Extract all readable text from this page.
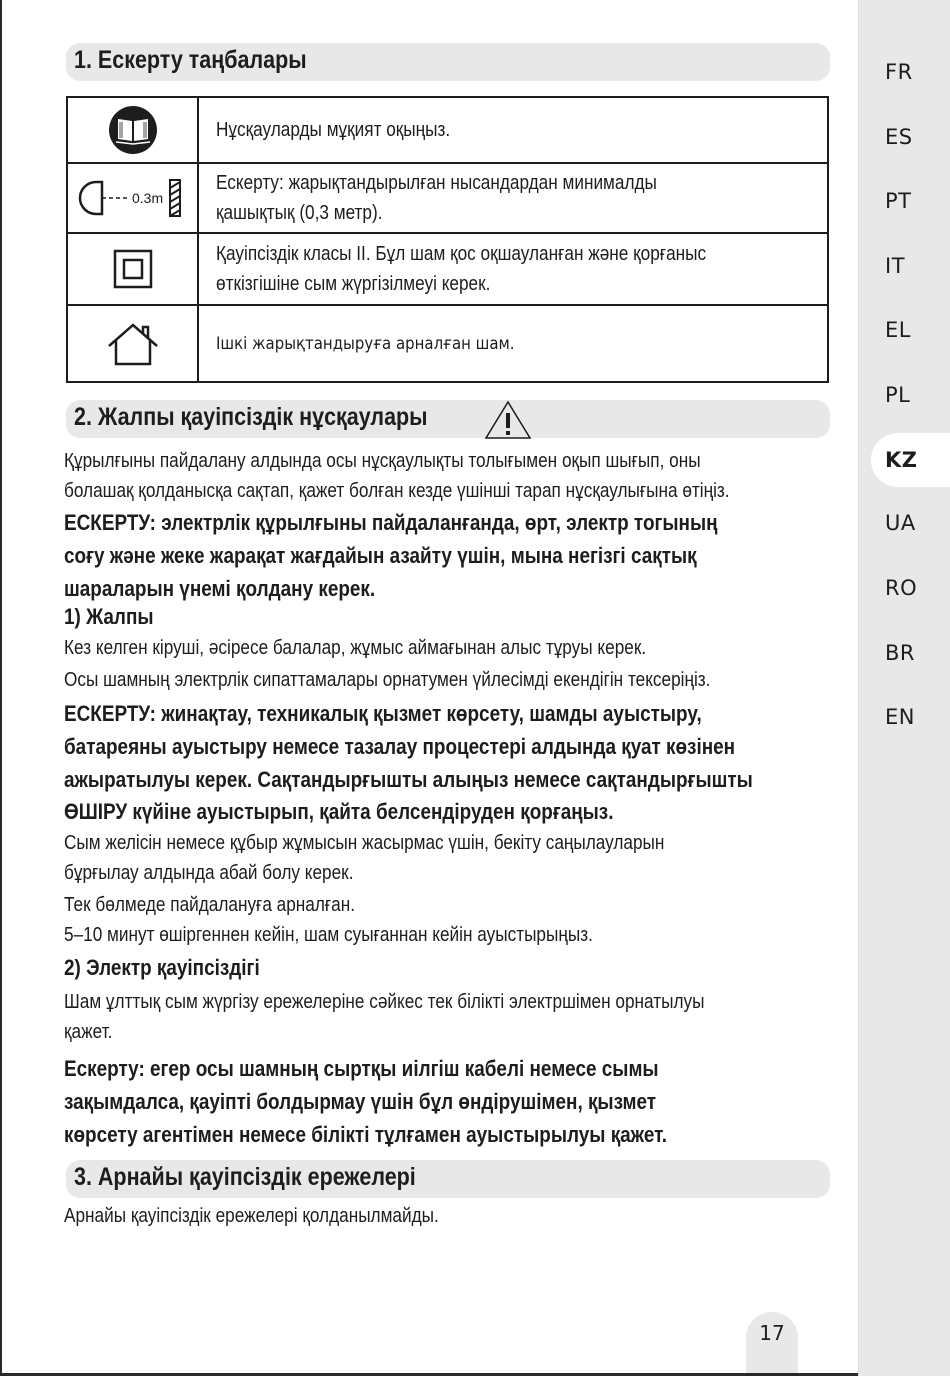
1. Ескерту таңбалары
Нұсқауларды мұқият оқыңыз.
0.3m
Ескерту: жарықтандырылған нысандардан минималды қашықтық (0,3 метр).
Қауіпсіздік класы II. Бұл шам қос оқшауланған және қорғаныс өткізгішіне сым жүргізілмеуі керек.
Ішкі жарықтандыруға арналған шам.
2. Жалпы қауіпсіздік нұсқаулары
Құрылғыны пайдалану алдында осы нұсқаулықты толығымен оқып шығып, оны
болашақ қолданысқа сақтап, қажет болған кезде үшінші тарап нұсқаулығына өтіңіз.
ЕСКЕРТУ: электрлік құрылғыны пайдаланғанда, өрт, электр тогының
соғу және жеке жарақат жағдайын азайту үшін, мына негізгі сақтық
шараларын үнемі қолдану керек.
1) Жалпы
Кез келген кіруші, әсіресе балалар, жұмыс аймағынан алыс тұруы керек.
Осы шамның электрлік сипаттамалары орнатумен үйлесімді екендігін тексеріңіз.
ЕСКЕРТУ: жинақтау, техникалық қызмет көрсету, шамды ауыстыру,
батареяны ауыстыру немесе тазалау процестері алдында қуат көзінен
ажыратылуы керек. Сақтандырғышты алыңыз немесе сақтандырғышты
ӨШІРУ күйіне ауыстырып, қайта белсендіруден қорғаңыз.
Сым желісін немесе құбыр жұмысын жасырмас үшін, бекіту саңылауларын
бұрғылау алдында абай болу керек.
Тек бөлмеде пайдалануға арналған.
5–10 минут өшіргеннен кейін, шам суығаннан кейін ауыстырыңыз.
2) Электр қауіпсіздігі
Шам ұлттық сым жүргізу ережелеріне сәйкес тек білікті электршімен орнатылуы
қажет.
Ескерту: егер осы шамның сыртқы иілгіш кабелі немесе сымы
зақымдалса, қауіпті болдырмау үшін бұл өндірушімен, қызмет
көрсету агентімен немесе білікті тұлғамен ауыстырылуы қажет.
3. Арнайы қауіпсіздік ережелері
Арнайы қауіпсіздік ережелері қолданылмайды.
17
FR
ES
PT
IT
EL
PL
KZ
UA
RO
BR
EN
